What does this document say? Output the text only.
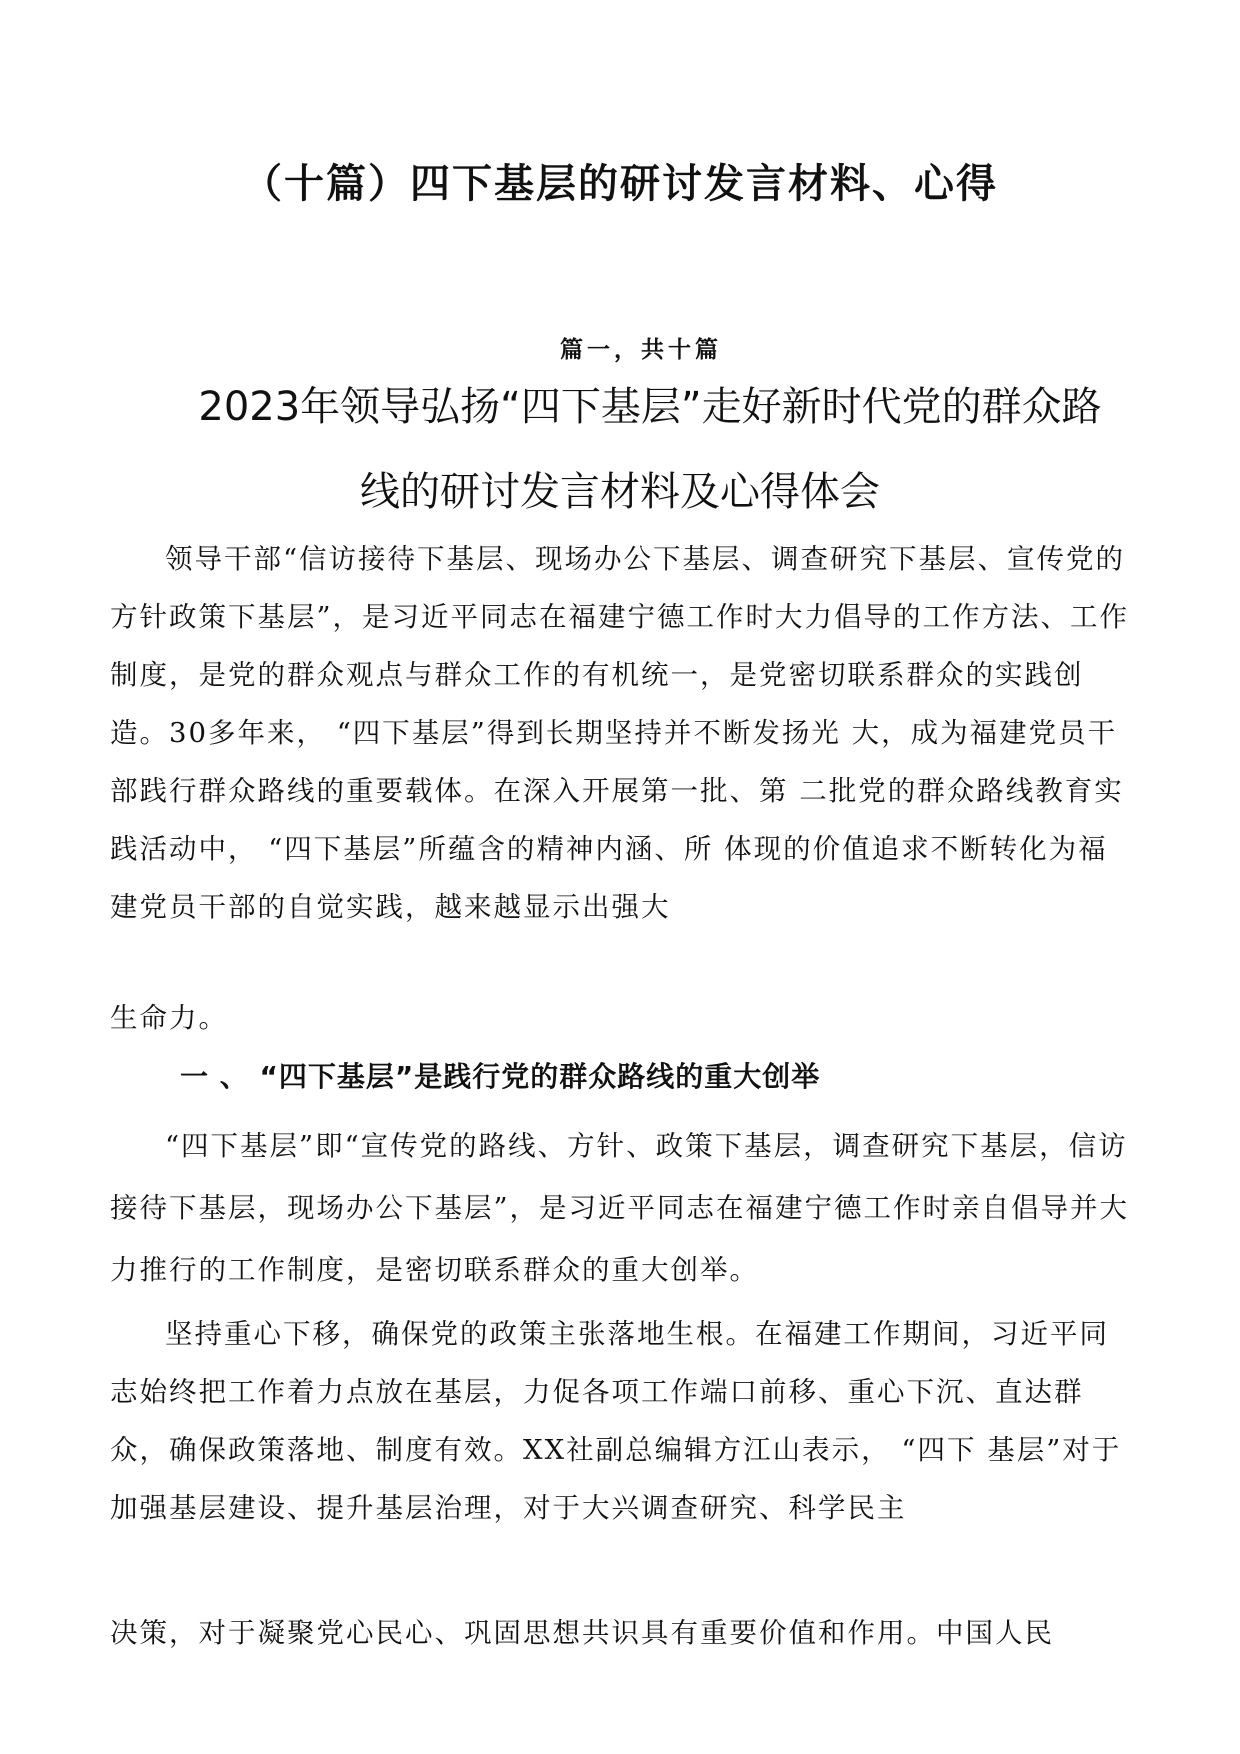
（十篇）四下基层的研讨发言材料、心得
篇一，共十篇
2023年领导弘扬“四下基层”走好新时代党的群众路
线的研讨发言材料及心得体会
领导干部“信访接待下基层、现场办公下基层、调查研究下基层、宣传党的方针政策下基层”，是习近平同志在福建宁德工作时大力倡导的工作方法、工作制度，是党的群众观点与群众工作的有机统一，是党密切联系群众的实践创造。30多年来， “四下基层”得到长期坚持并不断发扬光 大，成为福建党员干部践行群众路线的重要载体。在深入开展第一批、第 二批党的群众路线教育实践活动中， “四下基层”所蕴含的精神内涵、所 体现的价值追求不断转化为福建党员干部的自觉实践，越来越显示出强大
生命力。
一 、 “四下基层”是践行党的群众路线的重大创举
“四下基层”即“宣传党的路线、方针、政策下基层，调查研究下基层，信访接待下基层，现场办公下基层”，是习近平同志在福建宁德工作时亲自倡导并大力推行的工作制度，是密切联系群众的重大创举。
坚持重心下移，确保党的政策主张落地生根。在福建工作期间，习近平同志始终把工作着力点放在基层，力促各项工作端口前移、重心下沉、直达群众，确保政策落地、制度有效。XX社副总编辑方江山表示， “四下 基层”对于加强基层建设、提升基层治理，对于大兴调查研究、科学民主
决策，对于凝聚党心民心、巩固思想共识具有重要价值和作用。中国人民
